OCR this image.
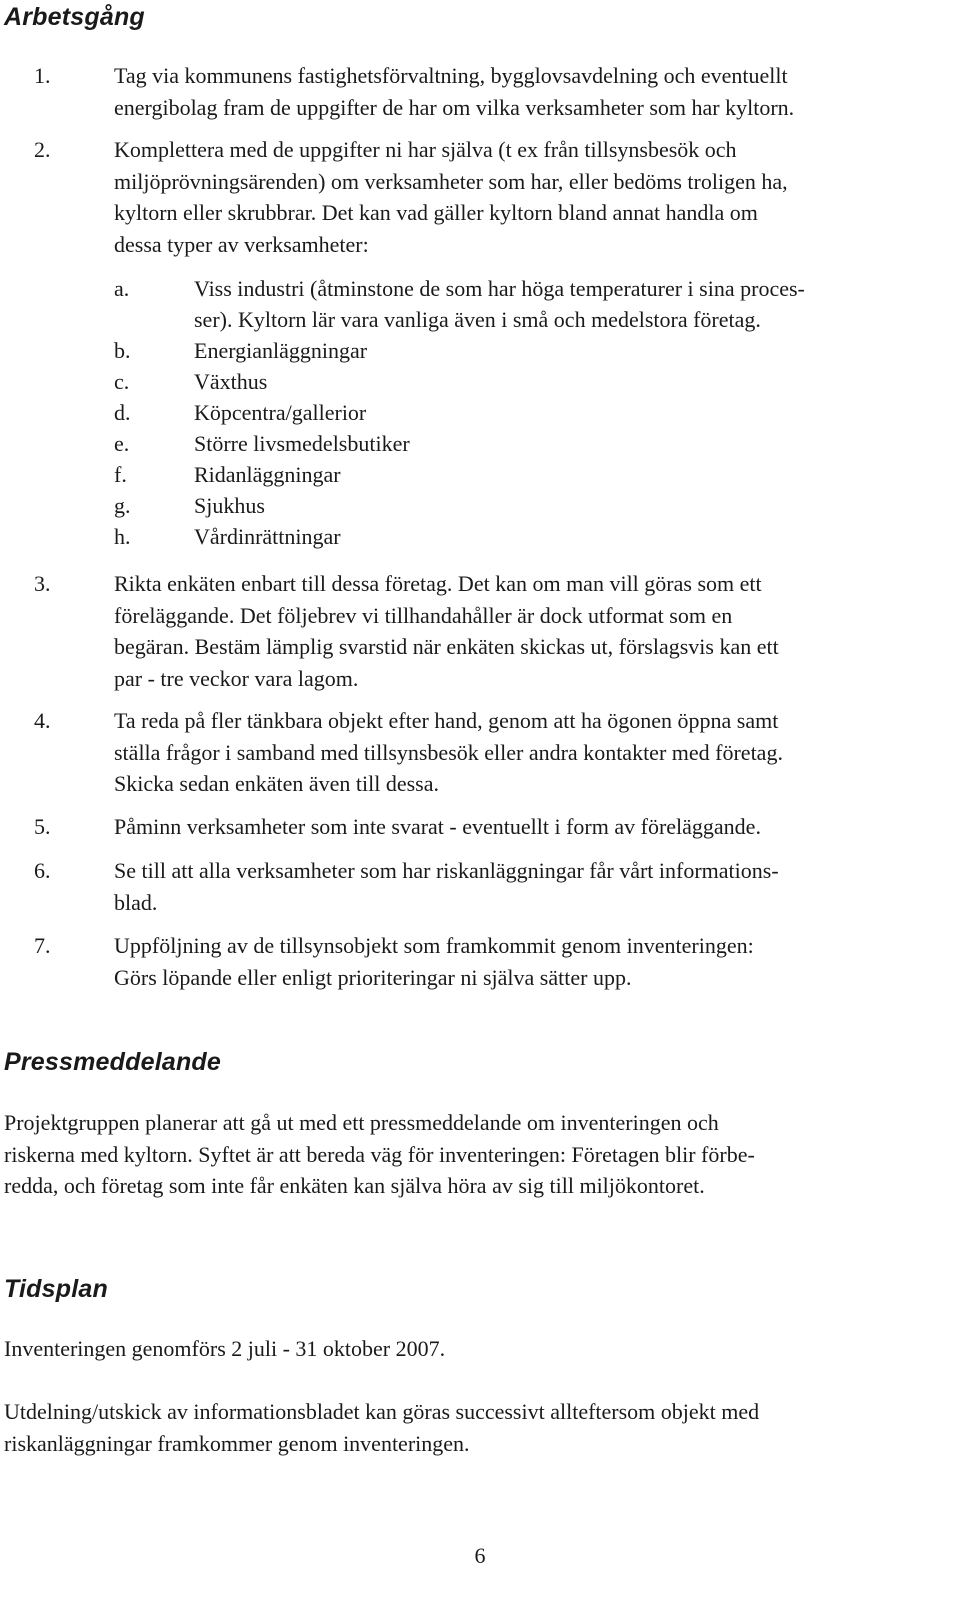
Arbetsgång
1.	Tag via kommunens fastighetsförvaltning, bygglovsavdelning och eventuellt
energibolag fram de uppgifter de har om vilka verksamheter som har kyltorn.
2.	Komplettera med de uppgifter ni har själva (t ex från tillsynsbesök och
miljöprövningsärenden) om verksamheter som har, eller bedöms troligen ha,
kyltorn eller skrubbrar. Det kan vad gäller kyltorn bland annat handla om
dessa typer av verksamheter:
a.	Viss industri (åtminstone de som har höga temperaturer i sina proces-
ser). Kyltorn lär vara vanliga även i små och medelstora företag.
b.	Energianläggningar
c.	Växthus
d.	Köpcentra/gallerior
e.	Större livsmedelsbutiker
f.	Ridanläggningar
g.	Sjukhus
h.	Vårdinrättningar
3.	Rikta enkäten enbart till dessa företag. Det kan om man vill göras som ett
föreläggande. Det följebrev vi tillhandahåller är dock utformat som en
begäran. Bestäm lämplig svarstid när enkäten skickas ut, förslagsvis kan ett
par - tre veckor vara lagom.
4.	Ta reda på fler tänkbara objekt efter hand, genom att ha ögonen öppna samt
ställa frågor i samband med tillsynsbesök eller andra kontakter med företag.
Skicka sedan enkäten även till dessa.
5.	Påminn verksamheter som inte svarat - eventuellt i form av föreläggande.
6.	Se till att alla verksamheter som har riskanläggningar får vårt informations-
blad.
7.	Uppföljning av de tillsynsobjekt som framkommit genom inventeringen:
Görs löpande eller enligt prioriteringar ni själva sätter upp.
Pressmeddelande
Projektgruppen planerar att gå ut med ett pressmeddelande om inventeringen och
riskerna med kyltorn. Syftet är att bereda väg för inventeringen: Företagen blir förbe-
redda, och företag som inte får enkäten kan själva höra av sig till miljökontoret.
Tidsplan
Inventeringen genomförs 2 juli - 31 oktober 2007.
Utdelning/utskick av informationsbladet kan göras successivt allteftersom objekt med
riskanläggningar framkommer genom inventeringen.
6
